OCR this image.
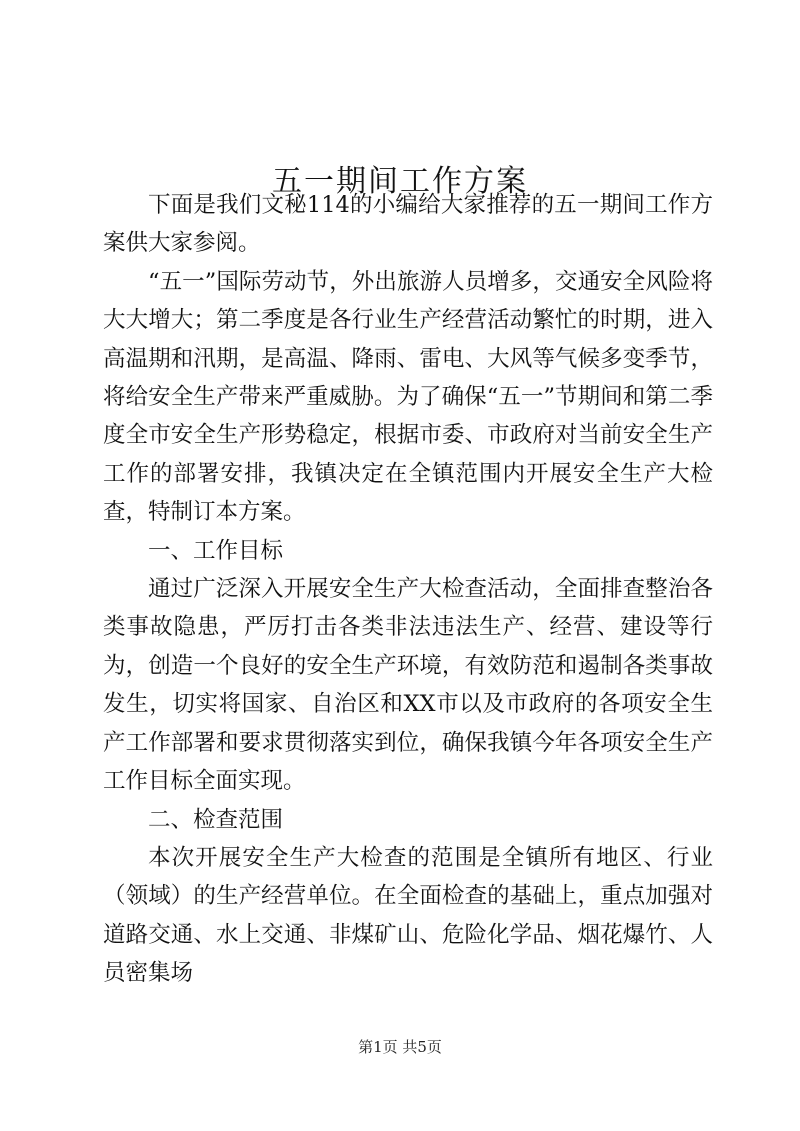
五一期间工作方案

下面是我们文秘114的小编给大家推荐的五一期间工作方案供大家参阅。

“五一”国际劳动节，外出旅游人员增多，交通安全风险将大大增大；第二季度是各行业生产经营活动繁忙的时期，进入高温期和汛期，是高温、降雨、雷电、大风等气候多变季节，将给安全生产带来严重威胁。为了确保“五一”节期间和第二季度全市安全生产形势稳定，根据市委、市政府对当前安全生产工作的部署安排，我镇决定在全镇范围内开展安全生产大检查，特制订本方案。

一、工作目标

通过广泛深入开展安全生产大检查活动，全面排查整治各类事故隐患，严厉打击各类非法违法生产、经营、建设等行为，创造一个良好的安全生产环境，有效防范和遏制各类事故发生，切实将国家、自治区和XX市以及市政府的各项安全生产工作部署和要求贯彻落实到位，确保我镇今年各项安全生产工作目标全面实现。

二、检查范围

本次开展安全生产大检查的范围是全镇所有地区、行业（领域）的生产经营单位。在全面检查的基础上，重点加强对道路交通、水上交通、非煤矿山、危险化学品、烟花爆竹、人员密集场

第1页 共5页
